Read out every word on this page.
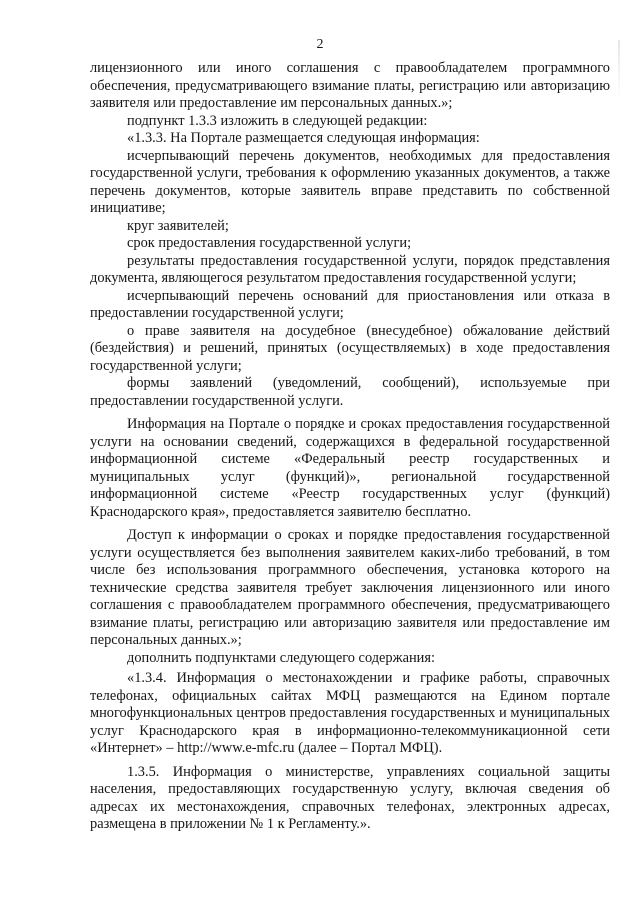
2

лицензионного или иного соглашения с правообладателем программного обеспечения, предусматривающего взимание платы, регистрацию или авторизацию заявителя или предоставление им персональных данных.»;

подпункт 1.3.3 изложить в следующей редакции:

«1.3.3. На Портале размещается следующая информация:

исчерпывающий перечень документов, необходимых для предоставления государственной услуги, требования к оформлению указанных документов, а также перечень документов, которые заявитель вправе представить по собственной инициативе;

круг заявителей;

срок предоставления государственной услуги;

результаты предоставления государственной услуги, порядок представления документа, являющегося результатом предоставления государственной услуги;

исчерпывающий перечень оснований для приостановления или отказа в предоставлении государственной услуги;

о праве заявителя на досудебное (внесудебное) обжалование действий (бездействия) и решений, принятых (осуществляемых) в ходе предоставления государственной услуги;

формы заявлений (уведомлений, сообщений), используемые при предоставлении государственной услуги.

Информация на Портале о порядке и сроках предоставления государственной услуги на основании сведений, содержащихся в федеральной государственной информационной системе «Федеральный реестр государственных и муниципальных услуг (функций)», региональной государственной информационной системе «Реестр государственных услуг (функций) Краснодарского края», предоставляется заявителю бесплатно.

Доступ к информации о сроках и порядке предоставления государственной услуги осуществляется без выполнения заявителем каких-либо требований, в том числе без использования программного обеспечения, установка которого на технические средства заявителя требует заключения лицензионного или иного соглашения с правообладателем программного обеспечения, предусматривающего взимание платы, регистрацию или авторизацию заявителя или предоставление им персональных данных.»;

дополнить подпунктами следующего содержания:

«1.3.4. Информация о местонахождении и графике работы, справочных телефонах, официальных сайтах МФЦ размещаются на Едином портале многофункциональных центров предоставления государственных и муниципальных услуг Краснодарского края в информационно-телекоммуникационной сети «Интернет» – http://www.e-mfc.ru (далее – Портал МФЦ).

1.3.5. Информация о министерстве, управлениях социальной защиты населения, предоставляющих государственную услугу, включая сведения об адресах их местонахождения, справочных телефонах, электронных адресах, размещена в приложении № 1 к Регламенту.».
